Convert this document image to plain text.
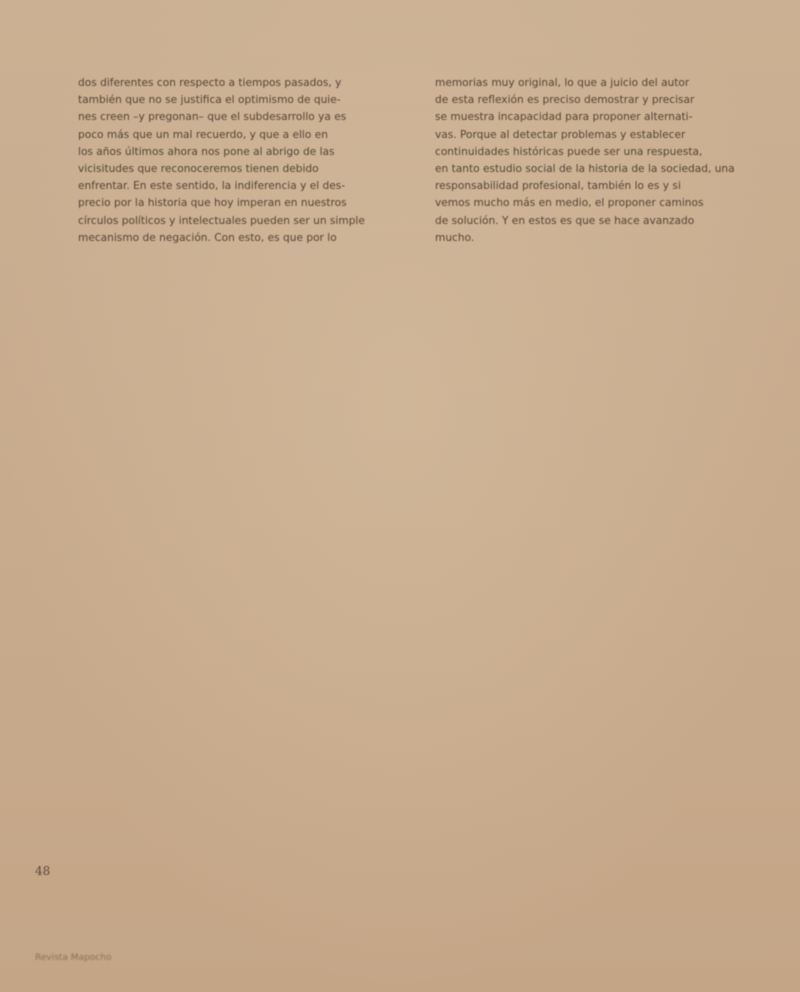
dos diferentes con respecto a tiempos pasados, y
también que no se justifica el optimismo de quie-
nes creen –y pregonan– que el subdesarrollo ya es
poco más que un mal recuerdo, y que a ello en
los años últimos ahora nos pone al abrigo de las
vicisitudes que reconoceremos tienen debido
enfrentar. En este sentido, la indiferencia y el des-
precio por la historia que hoy imperan en nuestros
círculos políticos y intelectuales pueden ser un simple
mecanismo de negación. Con esto, es que por lo
memorias muy original, lo que a juicio del autor
de esta reflexión es preciso demostrar y precisar
se muestra incapacidad para proponer alternati-
vas. Porque al detectar problemas y establecer
continuidades históricas puede ser una respuesta,
en tanto estudio social de la historia de la sociedad, una
responsabilidad profesional, también lo es y si
vemos mucho más en medio, el proponer caminos
de solución. Y en estos es que se hace avanzado
mucho.
48
Revista Mapocho
